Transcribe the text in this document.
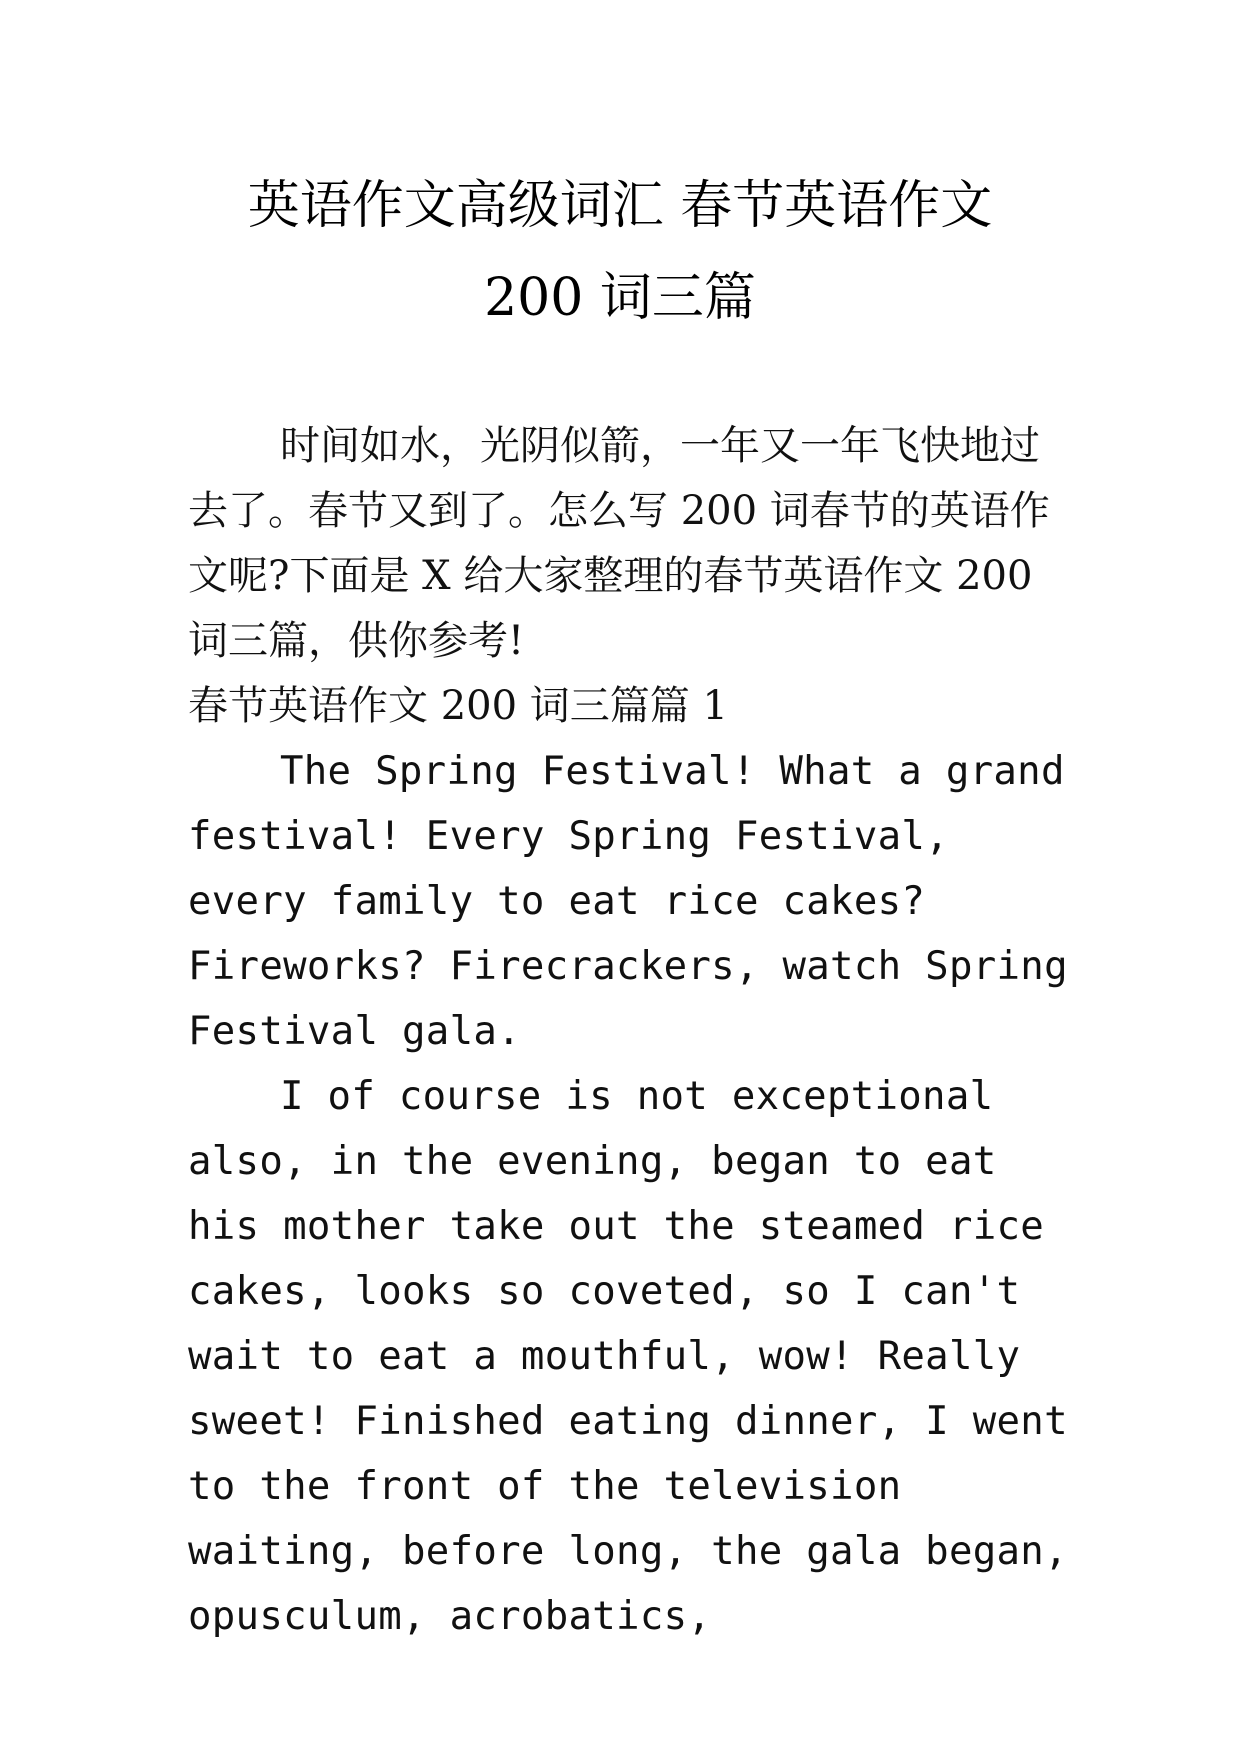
英语作文高级词汇 春节英语作文
200 词三篇

时间如水，光阴似箭，一年又一年飞快地过去了。春节又到了。怎么写 200 词春节的英语作文呢?下面是 X 给大家整理的春节英语作文 200 词三篇，供你参考!

春节英语作文 200 词三篇篇 1

The Spring Festival! What a grand festival! Every Spring Festival, every family to eat rice cakes? Fireworks? Firecrackers, watch Spring Festival gala.

I of course is not exceptional also, in the evening, began to eat his mother take out the steamed rice cakes, looks so coveted, so I can't wait to eat a mouthful, wow! Really sweet! Finished eating dinner, I went to the front of the television waiting, before long, the gala began, opusculum, acrobatics,
